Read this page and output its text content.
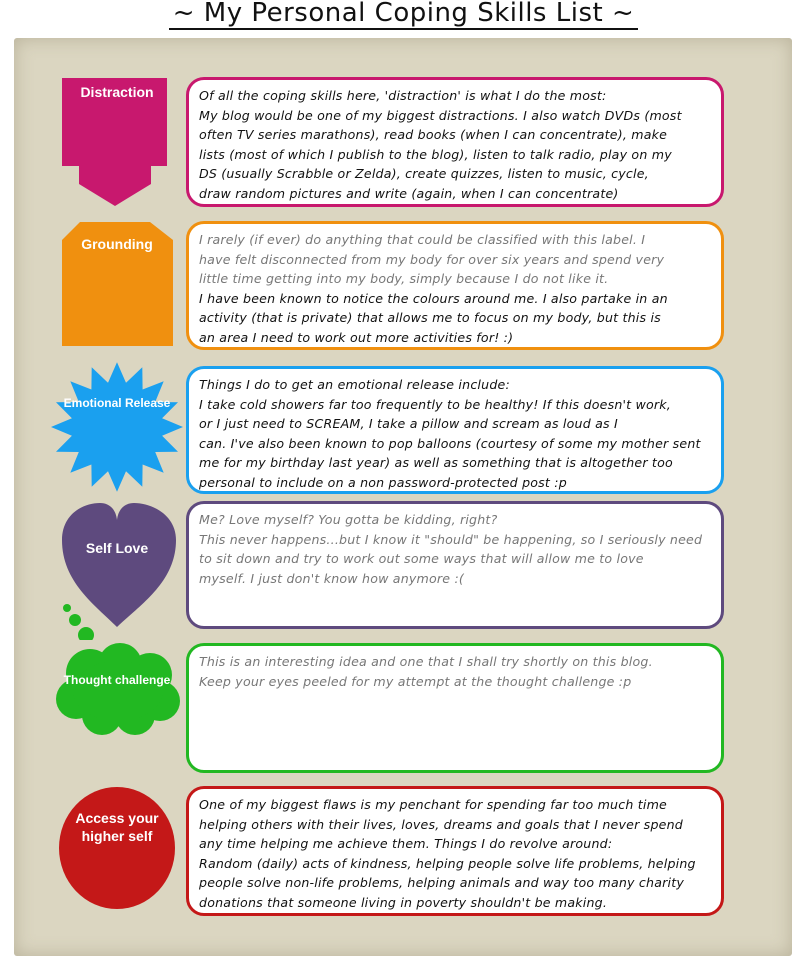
~ My Personal Coping Skills List ~
Distraction	Of all the coping skills here, 'distraction' is what I do the most:
My blog would be one of my biggest distractions. I also watch DVDs (most
often TV series marathons), read books (when I can concentrate), make
lists (most of which I publish to the blog), listen to talk radio, play on my
DS (usually Scrabble or Zelda), create quizzes, listen to music, cycle,
draw random pictures and write (again, when I can concentrate)
Grounding	I rarely (if ever) do anything that could be classified with this label. I
have felt disconnected from my body for over six years and spend very
little time getting into my body, simply because I do not like it.
I have been known to notice the colours around me. I also partake in an
activity (that is private) that allows me to focus on my body, but this is
an area I need to work out more activities for! :)
Emotional Release
Things I do to get an emotional release include:
I take cold showers far too frequently to be healthy! If this doesn't work,
or I just need to SCREAM, I take a pillow and scream as loud as I
can. I've also been known to pop balloons (courtesy of some my mother sent
me for my birthday last year) as well as something that is altogether too
personal to include on a non password-protected post :p
Self Love
Me? Love myself? You gotta be kidding, right?
This never happens...but I know it "should" be happening, so I seriously need
to sit down and try to work out some ways that will allow me to love
myself. I just don't know how anymore :(
Thought challenge
This is an interesting idea and one that I shall try shortly on this blog.
Keep your eyes peeled for my attempt at the thought challenge :p
Access your higher self
One of my biggest flaws is my penchant for spending far too much time
helping others with their lives, loves, dreams and goals that I never spend
any time helping me achieve them. Things I do revolve around:
Random (daily) acts of kindness, helping people solve life problems, helping
people solve non-life problems, helping animals and way too many charity
donations that someone living in poverty shouldn't be making.
